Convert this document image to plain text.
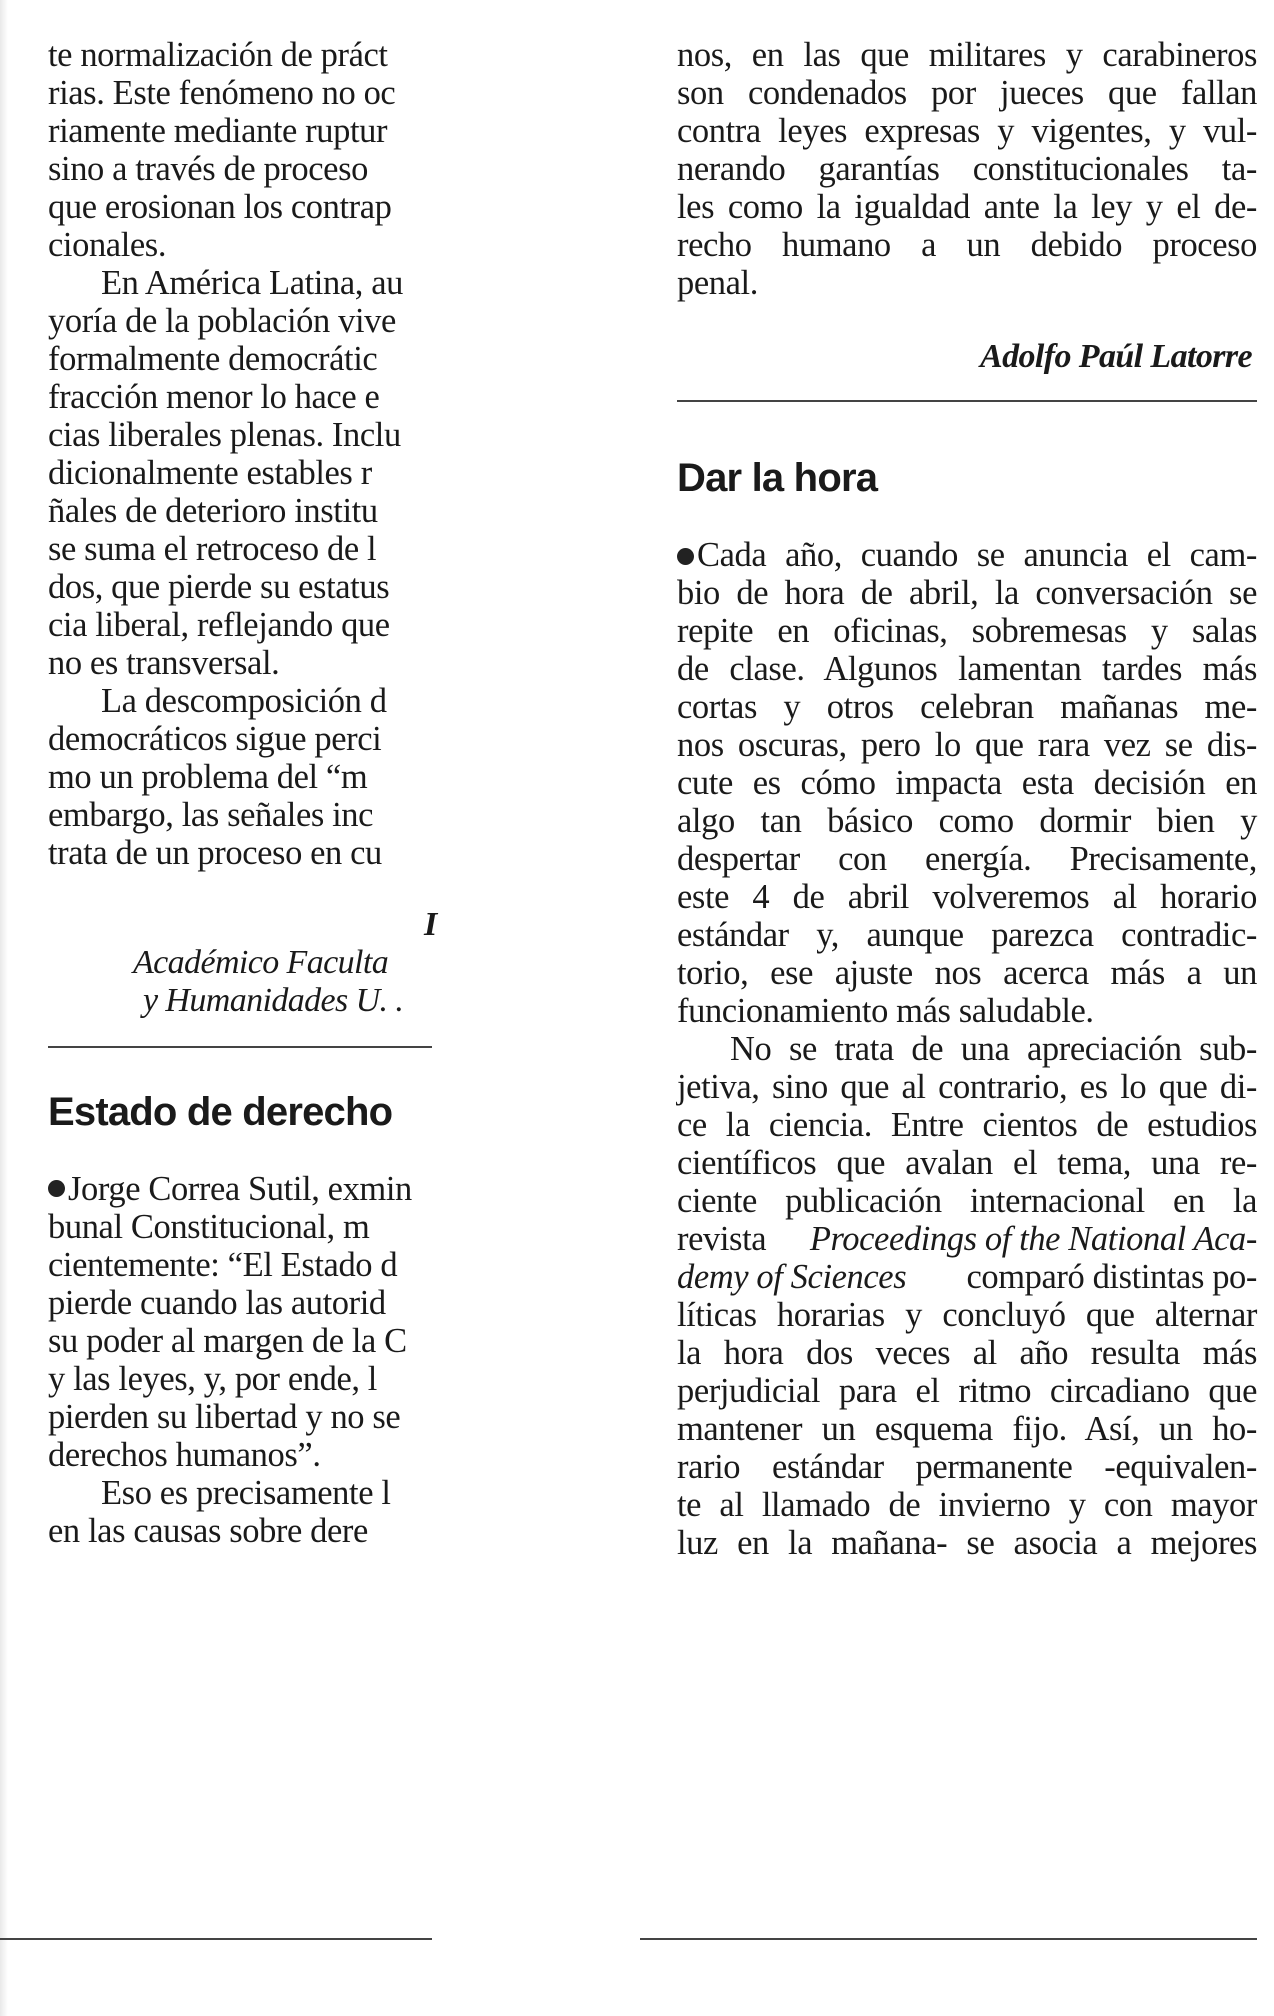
te normalización de práct
rias. Este fenómeno no oc
riamente mediante ruptur
sino a través de proceso
que erosionan los contrap
cionales.
En América Latina, au
yoría de la población vive
formalmente democrátic
fracción menor lo hace e
cias liberales plenas. Inclu
dicionalmente estables r
ñales de deterioro institu
se suma el retroceso de l
dos, que pierde su estatus
cia liberal, reflejando que
no es transversal.
La descomposición d
democráticos sigue perci
mo un problema del “m
embargo, las señales inc
trata de un proceso en cu
I
Académico Faculta
y Humanidades U. .
Estado de derecho
Jorge Correa Sutil, exmin
bunal Constitucional, m
cientemente: “El Estado d
pierde cuando las autorid
su poder al margen de la C
y las leyes, y, por ende, l
pierden su libertad y no se
derechos humanos”.
Eso es precisamente l
en las causas sobre dere
nos, en las que militares y carabineros
son condenados por jueces que fallan
contra leyes expresas y vigentes, y vul-
nerando garantías constitucionales ta-
les como la igualdad ante la ley y el de-
recho humano a un debido proceso
penal.
Adolfo Paúl Latorre
Dar la hora
Cada año, cuando se anuncia el cam-
bio de hora de abril, la conversación se
repite en oficinas, sobremesas y salas
de clase. Algunos lamentan tardes más
cortas y otros celebran mañanas me-
nos oscuras, pero lo que rara vez se dis-
cute es cómo impacta esta decisión en
algo tan básico como dormir bien y
despertar con energía. Precisamente,
este 4 de abril volveremos al horario
estándar y, aunque parezca contradic-
torio, ese ajuste nos acerca más a un
funcionamiento más saludable.
No se trata de una apreciación sub-
jetiva, sino que al contrario, es lo que di-
ce la ciencia. Entre cientos de estudios
científicos que avalan el tema, una re-
ciente publicación internacional en la
revista Proceedings of the National Aca-
demy of Sciences comparó distintas po-
líticas horarias y concluyó que alternar
la hora dos veces al año resulta más
perjudicial para el ritmo circadiano que
mantener un esquema fijo. Así, un ho-
rario estándar permanente -equivalen-
te al llamado de invierno y con mayor
luz en la mañana- se asocia a mejores
